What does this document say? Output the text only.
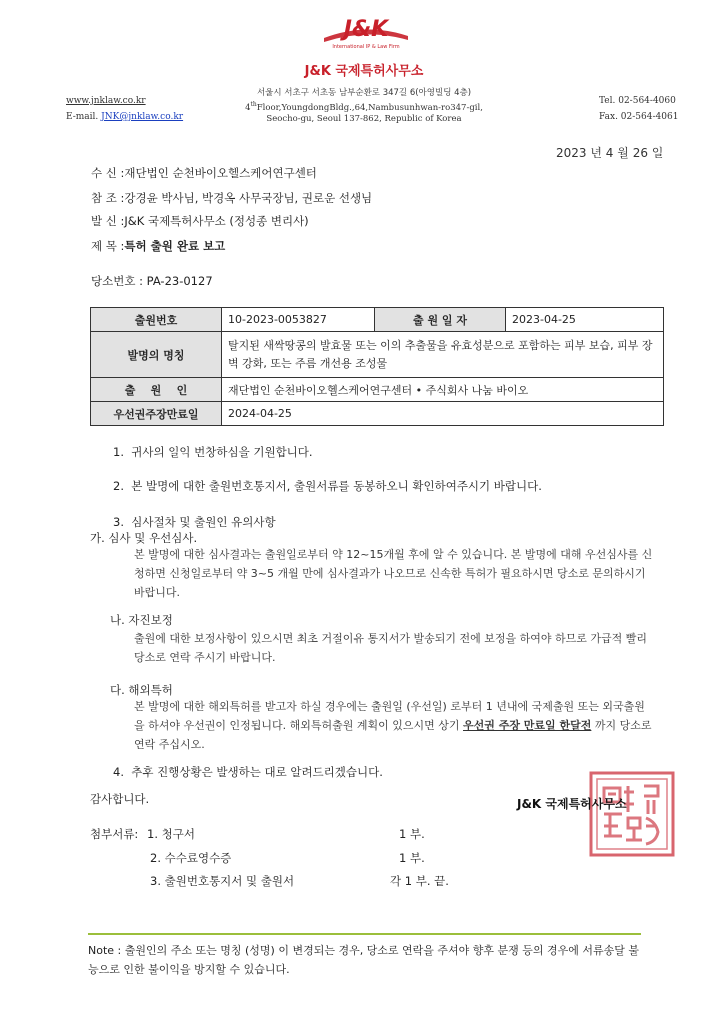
J&K
International IP & Law Firm
J&K 국제특허사무소
서울시 서초구 서초동 남부순환로 347길 6(아영빌딩 4층)
4thFloor,YoungdongBldg.,64,Nambusunhwan-ro347-gil,
Seocho-gu, Seoul 137-862, Republic of Korea
www.jnklaw.co.kr
E-mail. JNK@jnklaw.co.kr
Tel. 02-564-4060
Fax. 02-564-4061
2023 년 4 월 26 일
수 신 :재단법인 순천바이오헬스케어연구센터
참 조 :강경윤 박사님, 박경옥 사무국장님, 권로운 선생님
발 신 :J&K 국제특허사무소 (정성종 변리사)
제 목 :특허 출원 완료 보고
당소번호 : PA-23-0127
출원번호	10-2023-0053827	출 원 일 자	2023-04-25
발명의 명칭	탈지된 새싹땅콩의 발효물 또는 이의 추출물을 유효성분으로 포함하는 피부 보습, 피부 장벽 강화, 또는 주름 개선용 조성물		
출    원    인	재단법인 순천바이오헬스케어연구센터 • 주식회사 나눔 바이오		
우선권주장만료일	2024-04-25		
1. 귀사의 일익 번창하심을 기원합니다.
2. 본 발명에 대한 출원번호통지서, 출원서류를 동봉하오니 확인하여주시기 바랍니다.
3. 심사절차 및 출원인 유의사항
가. 심사 및 우선심사.
본 발명에 대한 심사결과는 출원일로부터 약 12~15개월 후에 알 수 있습니다. 본 발명에 대해 우선심사를 신청하면 신청일로부터 약 3~5 개월 만에 심사결과가 나오므로 신속한 특허가 필요하시면 당소로 문의하시기 바랍니다.
나. 자진보정
출원에 대한 보정사항이 있으시면 최초 거절이유 통지서가 발송되기 전에 보정을 하여야 하므로 가급적 빨리 당소로 연락 주시기 바랍니다.
다. 해외특허
본 발명에 대한 해외특허를 받고자 하실 경우에는 출원일 (우선일) 로부터 1 년내에 국제출원 또는 외국출원을 하셔야 우선권이 인정됩니다. 해외특허출원 계획이 있으시면 상기 우선권 주장 만료일 한달전 까지 당소로 연락 주십시오.
4. 추후 진행상황은 발생하는 대로 알려드리겠습니다.
감사합니다.	J&K 국제특허사무소
첨부서류: 1. 청구서	1 부.
2. 수수료영수증	1 부.
3. 출원번호통지서 및 출원서	각 1 부. 끝.
Note : 출원인의 주소 또는 명칭 (성명) 이 변경되는 경우, 당소로 연락을 주셔야 향후 분쟁 등의 경우에 서류송달 불능으로 인한 불이익을 방지할 수 있습니다.
